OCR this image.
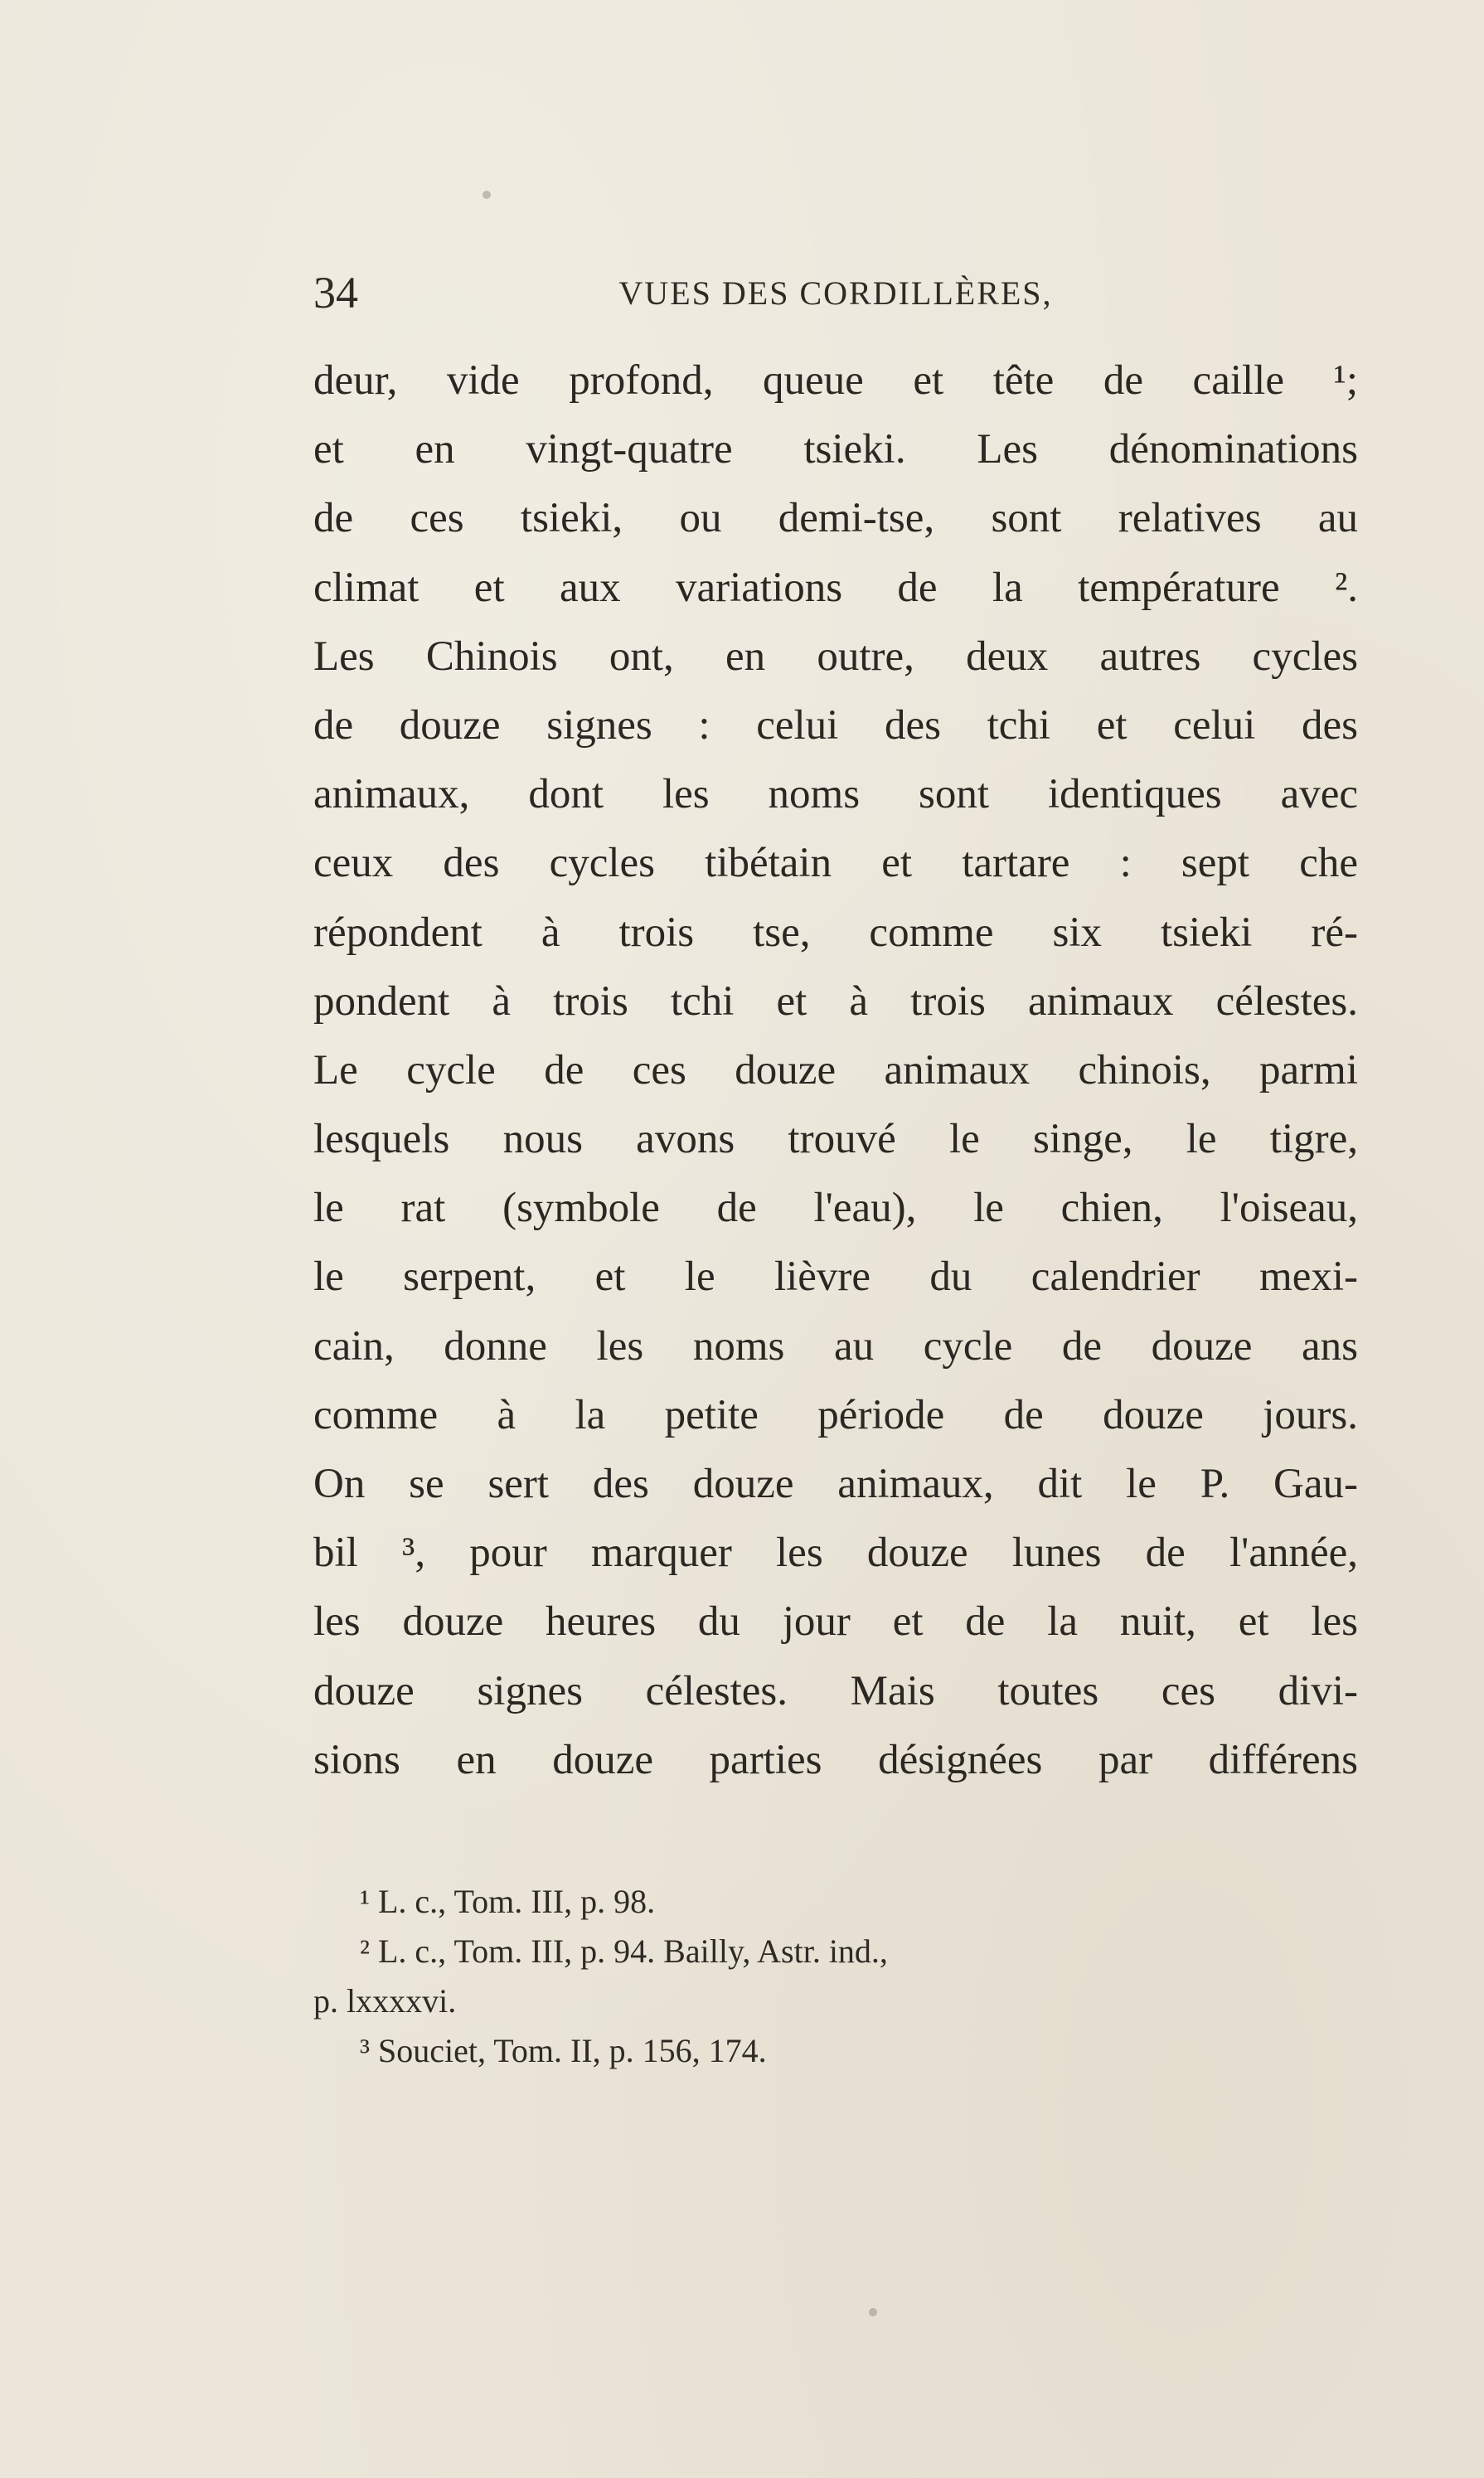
34	VUES DES CORDILLÈRES,
deur, vide profond, queue et tête de caille ¹;
et en vingt-quatre tsieki. Les dénominations
de ces tsieki, ou demi-tse, sont relatives au
climat et aux variations de la température ².
Les Chinois ont, en outre, deux autres cycles
de douze signes : celui des tchi et celui des
animaux, dont les noms sont identiques avec
ceux des cycles tibétain et tartare : sept che
répondent à trois tse, comme six tsieki ré-
pondent à trois tchi et à trois animaux célestes.
Le cycle de ces douze animaux chinois, parmi
lesquels nous avons trouvé le singe, le tigre,
le rat (symbole de l'eau), le chien, l'oiseau,
le serpent, et le lièvre du calendrier mexi-
cain, donne les noms au cycle de douze ans
comme à la petite période de douze jours.
On se sert des douze animaux, dit le P. Gau-
bil ³, pour marquer les douze lunes de l'année,
les douze heures du jour et de la nuit, et les
douze signes célestes. Mais toutes ces divi-
sions en douze parties désignées par différens
¹ L. c., Tom. III, p. 98.
² L. c., Tom. III, p. 94. Bailly, Astr. ind.,
p. lxxxxvi.
³ Souciet, Tom. II, p. 156, 174.
